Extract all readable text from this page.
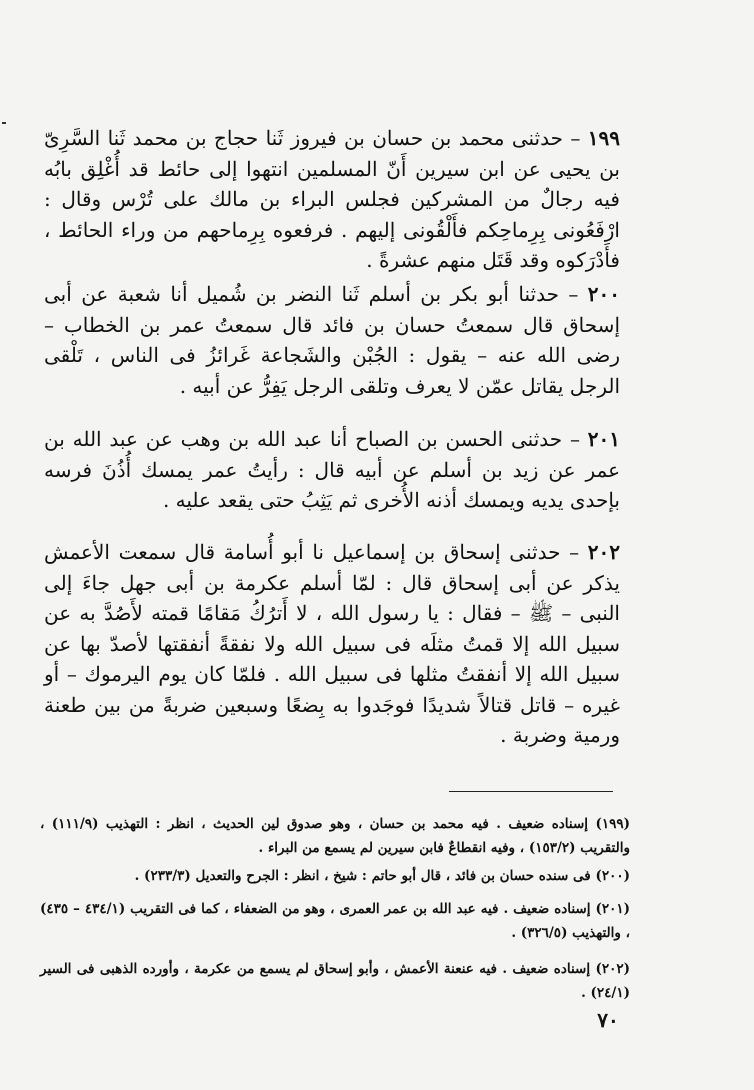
١٩٩ – حدثنى محمد بن حسان بن فيروز ثَنا حجاج بن محمد ثَنا السَّرِىّ بن يحيى عن ابن سيرين أَنّ المسلمين انتهوا إلى حائط قد أُغْلِق بابُه فيه رجالٌ من المشركين فجلس البراء بن مالك على تُرْس وقال : ارْفَعُونى بِرِماحِكم فأَلْقُونى إليهم . فرفعوه بِرِماحهم من وراء الحائط ، فأَدْرَكوه وقد قَتَل منهم عشرةً .

٢٠٠ – حدثنا أبو بكر بن أسلم ثَنا النضر بن شُميل أنا شعبة عن أبى إسحاق قال سمعتُ حسان بن فائد قال سمعتُ عمر بن الخطاب – رضى الله عنه – يقول : الجُبْن والشَجاعة غَرائزُ فى الناس ، تَلْقى الرجل يقاتل عمّن لا يعرف وتلقى الرجل يَفِرُّ عن أبيه .

٢٠١ – حدثنى الحسن بن الصباح أنا عبد الله بن وهب عن عبد الله بن عمر عن زيد بن أسلم عن أبيه قال : رأيتُ عمر يمسك أُذُنَ فرسه بإحدى يديه ويمسك أذنه الأُخرى ثم يَثِبُ حتى يقعد عليه .

٢٠٢ – حدثنى إسحاق بن إسماعيل نا أبو أُسامة قال سمعت الأعمش يذكر عن أبى إسحاق قال : لمّا أسلم عكرمة بن أبى جهل جاءَ إلى النبى – ﷺ – فقال : يا رسول الله ، لا أَترُكُ مَقامًا قمته لأَصُدَّ به عن سبيل الله إلا قمتُ مثلَه فى سبيل الله ولا نفقةً أنفقتها لأصدّ بها عن سبيل الله إلا أنفقتُ مثلها فى سبيل الله . فلمّا كان يوم اليرموك – أو غيره – قاتل قتالاً شديدًا فوجَدوا به بِضعًا وسبعين ضربةً من بين طعنة ورمية وضربة .

(١٩٩) إسناده ضعيف . فيه محمد بن حسان ، وهو صدوق لين الحديث ، انظر : التهذيب (١١١/٩) ، والتقريب (١٥٣/٢) ، وفيه انقطاعٌ فابن سيرين لم يسمع من البراء .
(٢٠٠) فى سنده حسان بن فائد ، قال أبو حاتم : شيخ ، انظر : الجرح والتعديل (٢٣٣/٣) .
(٢٠١) إسناده ضعيف . فيه عبد الله بن عمر العمرى ، وهو من الضعفاء ، كما فى التقريب (٤٣٤/١ – ٤٣٥) ، والتهذيب (٣٢٦/٥) .
(٢٠٢) إسناده ضعيف . فيه عنعنة الأعمش ، وأبو إسحاق لم يسمع من عكرمة ، وأورده الذهبى فى السير (٢٤/١) .
٧٠
